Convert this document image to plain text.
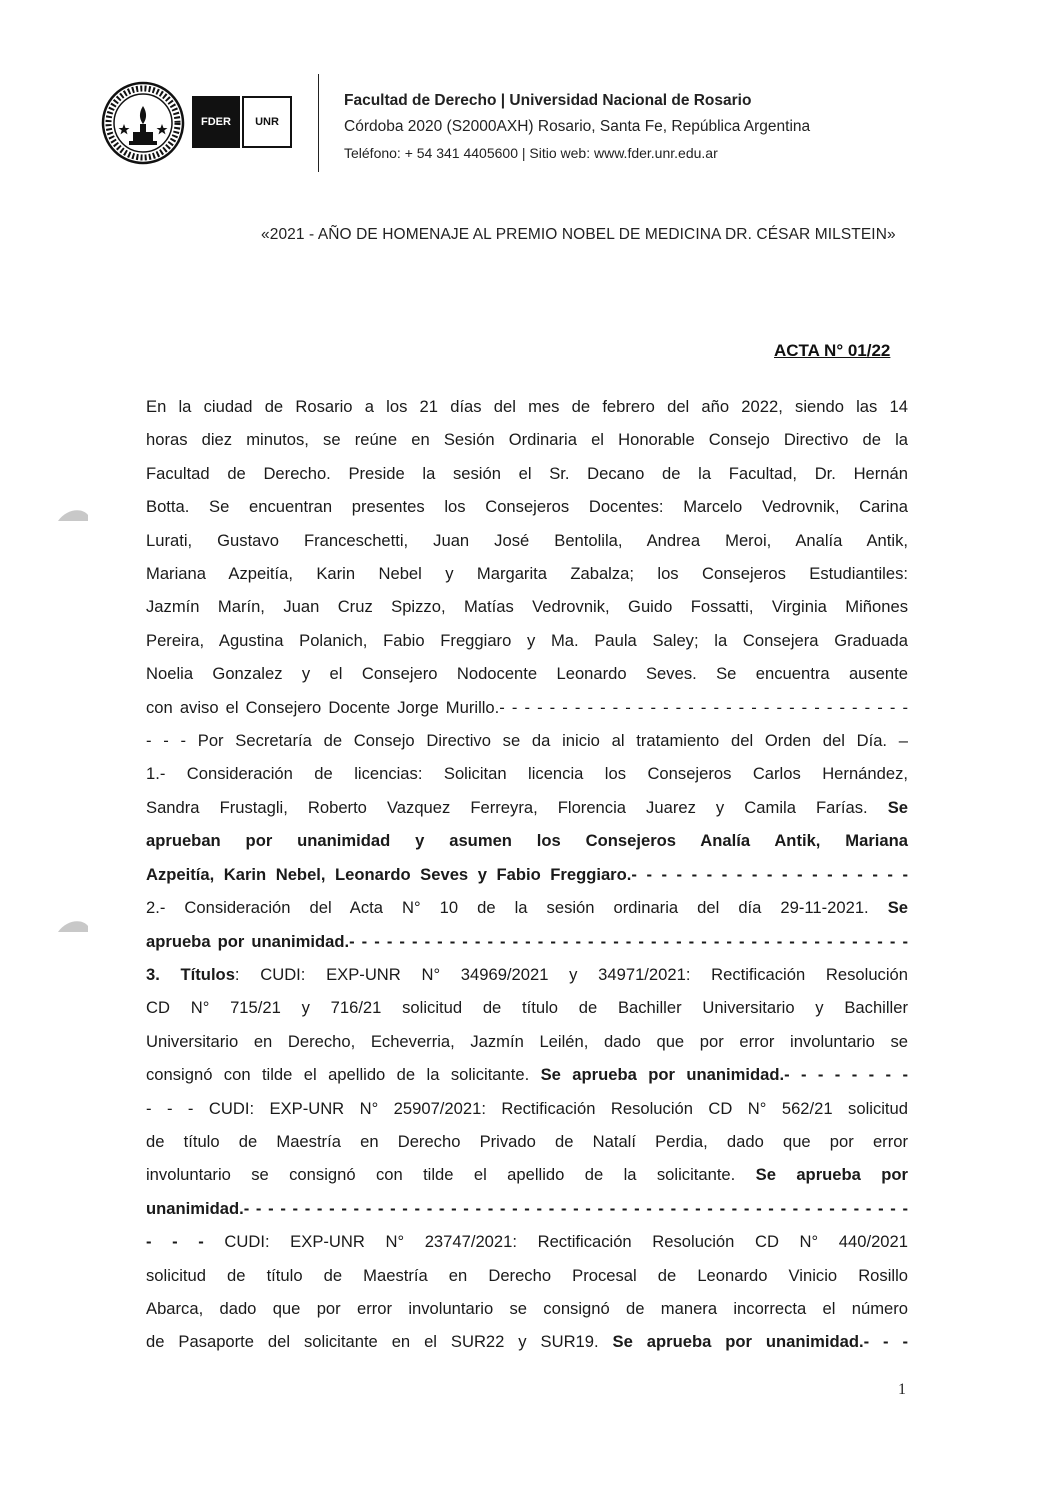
FDER	UNR
Facultad de Derecho | Universidad Nacional de Rosario
Córdoba 2020 (S2000AXH) Rosario, Santa Fe, República Argentina
Teléfono: + 54 341 4405600 | Sitio web: www.fder.unr.edu.ar
«2021 - AÑO DE HOMENAJE AL PREMIO NOBEL DE MEDICINA DR. CÉSAR MILSTEIN»
ACTA N° 01/22

En la ciudad de Rosario a los 21 días del mes de febrero del año 2022, siendo las 14

horas diez minutos, se reúne en Sesión Ordinaria el Honorable Consejo Directivo de la

Facultad de Derecho. Preside la sesión el Sr. Decano de la Facultad, Dr. Hernán

Botta. Se encuentran presentes los Consejeros Docentes: Marcelo Vedrovnik, Carina

Lurati, Gustavo Franceschetti, Juan José Bentolila, Andrea Meroi, Analía Antik,

Mariana Azpeitía, Karin Nebel y Margarita Zabalza; los Consejeros Estudiantiles:

Jazmín Marín, Juan Cruz Spizzo, Matías Vedrovnik, Guido Fossatti, Virginia Miñones

Pereira, Agustina Polanich, Fabio Freggiaro y Ma. Paula Saley; la Consejera Graduada

Noelia Gonzalez y el Consejero Nodocente Leonardo Seves. Se encuentra ausente

con aviso el Consejero Docente Jorge Murillo.- - - - - - - - - - - - - - - - - - - - - - - - - - - - - - - - -

- - - Por Secretaría de Consejo Directivo se da inicio al tratamiento del Orden del Día. –

1.- Consideración de licencias: Solicitan licencia los Consejeros Carlos Hernández,

Sandra Frustagli, Roberto Vazquez Ferreyra, Florencia Juarez y Camila Farías. Se

aprueban por unanimidad y asumen los Consejeros Analía Antik, Mariana

Azpeitía, Karin Nebel, Leonardo Seves y Fabio Freggiaro.- - - - - - - - - - - - - - - - - - -

2.- Consideración del Acta N° 10 de la sesión ordinaria del día 29-11-2021. Se

aprueba por unanimidad.- - - - - - - - - - - - - - - - - - - - - - - - - - - - - - - - - - - - - - - - - - - - -

3. Títulos: CUDI: EXP-UNR N° 34969/2021 y 34971/2021: Rectificación Resolución

CD N° 715/21 y 716/21 solicitud de título de Bachiller Universitario y Bachiller

Universitario en Derecho, Echeverria, Jazmín Leilén, dado que por error involuntario se

consignó con tilde el apellido de la solicitante. Se aprueba por unanimidad.- - - - - - - -

- - - CUDI: EXP-UNR N° 25907/2021: Rectificación Resolución CD N° 562/21 solicitud

de título de Maestría en Derecho Privado de Natalí Perdia, dado que por error

involuntario se consignó con tilde el apellido de la solicitante. Se aprueba por

unanimidad.- - - - - - - - - - - - - - - - - - - - - - - - - - - - - - - - - - - - - - - - - - - - - - - - - - - - - - -

- - - CUDI: EXP-UNR N° 23747/2021: Rectificación Resolución CD N° 440/2021

solicitud de título de Maestría en Derecho Procesal de Leonardo Vinicio Rosillo

Abarca, dado que por error involuntario se consignó de manera incorrecta el número

de Pasaporte del solicitante en el SUR22 y SUR19. Se aprueba por unanimidad.- - -

1
